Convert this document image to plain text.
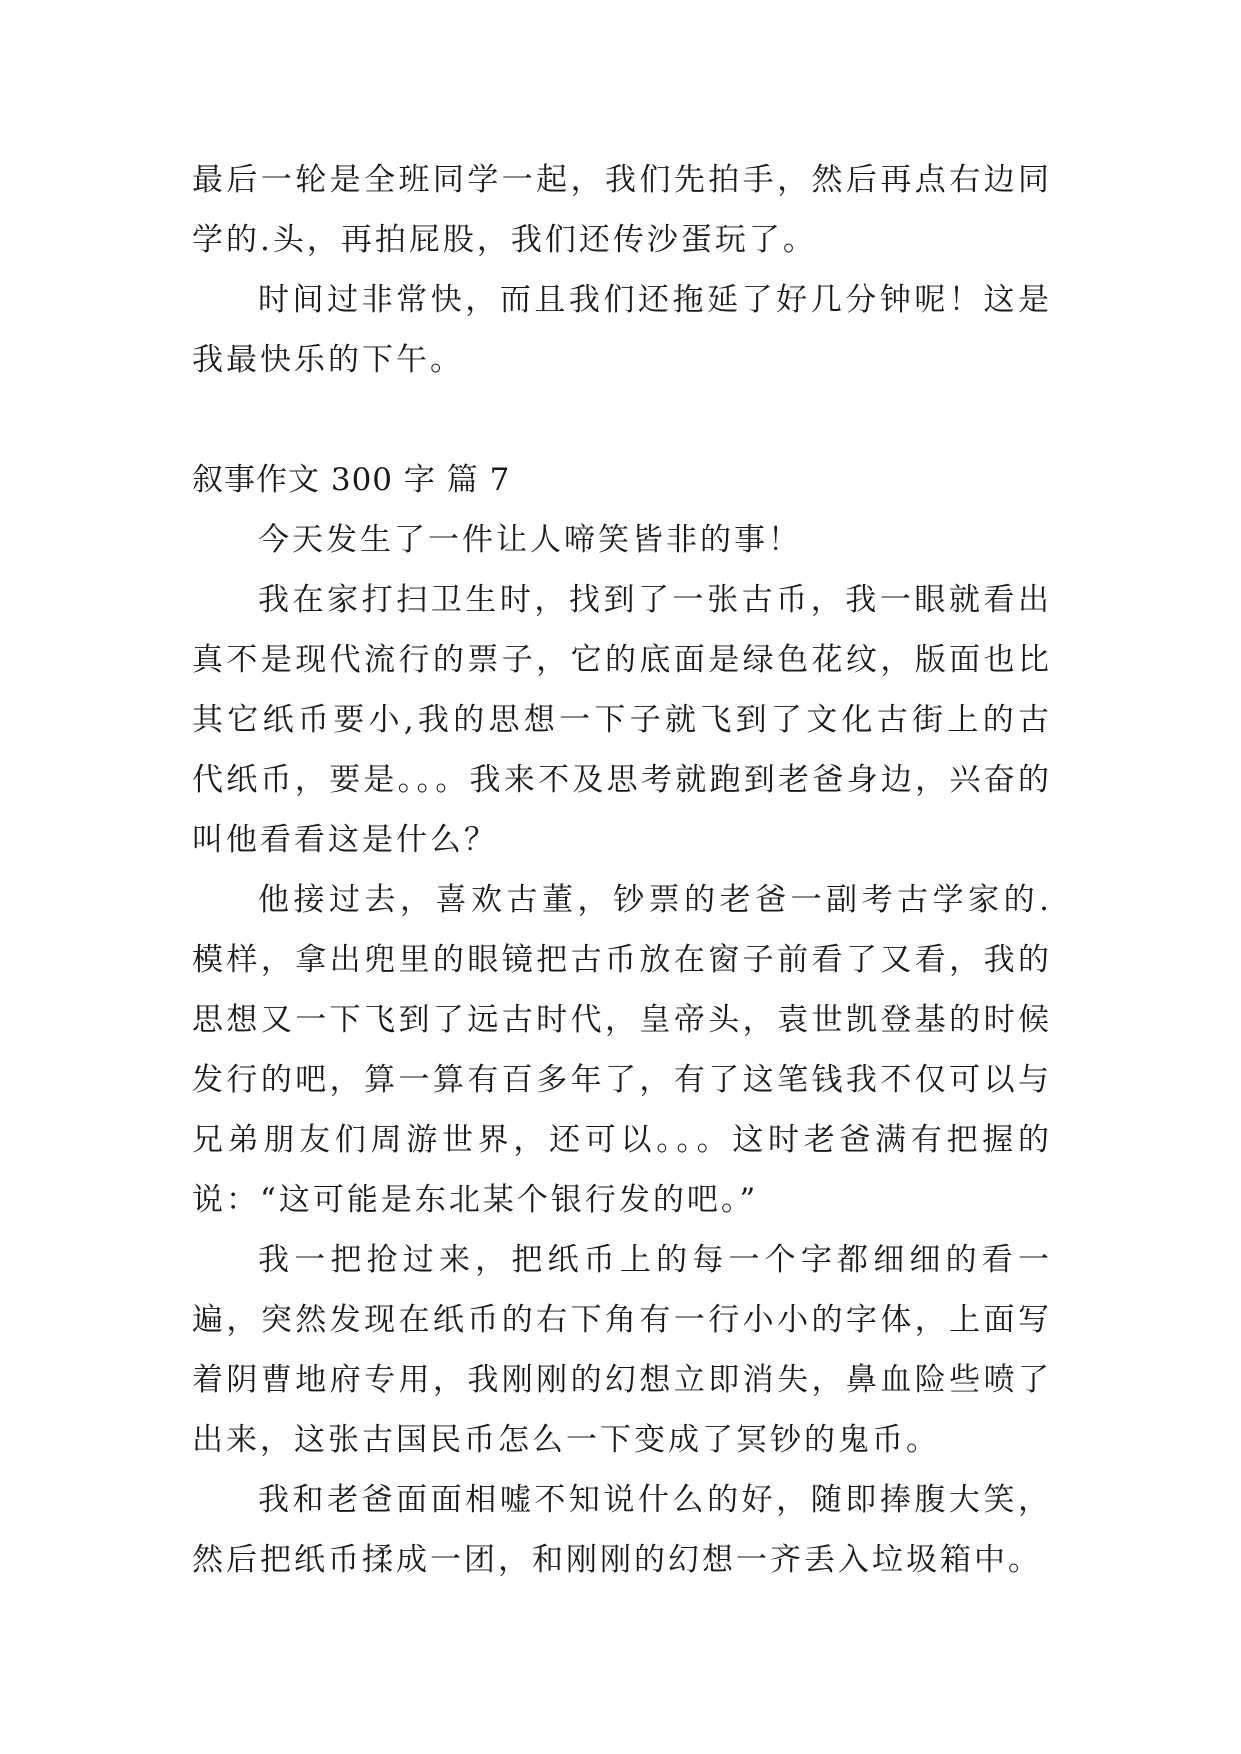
最后一轮是全班同学一起，我们先拍手，然后再点右边同学的.头，再拍屁股，我们还传沙蛋玩了。

时间过非常快，而且我们还拖延了好几分钟呢！这是我最快乐的下午。

叙事作文 300 字 篇 7

今天发生了一件让人啼笑皆非的事！

我在家打扫卫生时，找到了一张古币，我一眼就看出真不是现代流行的票子，它的底面是绿色花纹，版面也比其它纸币要小,我的思想一下子就飞到了文化古街上的古代纸币，要是。。。我来不及思考就跑到老爸身边，兴奋的叫他看看这是什么？

他接过去，喜欢古董，钞票的老爸一副考古学家的.模样，拿出兜里的眼镜把古币放在窗子前看了又看，我的思想又一下飞到了远古时代，皇帝头，袁世凯登基的时候发行的吧，算一算有百多年了，有了这笔钱我不仅可以与兄弟朋友们周游世界，还可以。。。这时老爸满有把握的说：“这可能是东北某个银行发的吧。”

我一把抢过来，把纸币上的每一个字都细细的看一遍，突然发现在纸币的右下角有一行小小的字体，上面写着阴曹地府专用，我刚刚的幻想立即消失，鼻血险些喷了出来，这张古国民币怎么一下变成了冥钞的鬼币。

我和老爸面面相嘘不知说什么的好，随即捧腹大笑，然后把纸币揉成一团，和刚刚的幻想一齐丢入垃圾箱中。
